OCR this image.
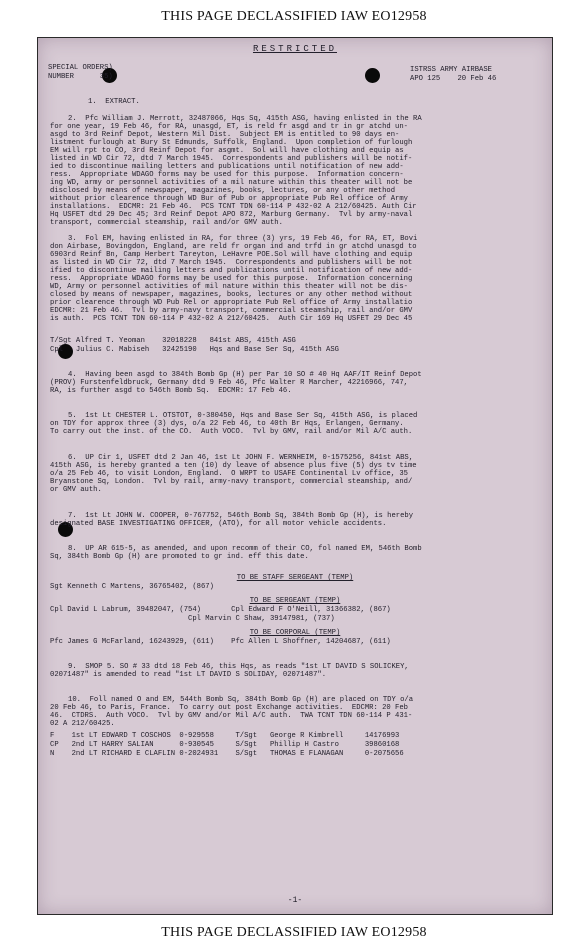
THIS PAGE DECLASSIFIED IAW EO12958
RESTRICTED
SPECIAL ORDERS)
NUMBER      35)
ISTRSS ARMY AIRBASE
APO 125    20 Feb 46
1.  EXTRACT.
2.  Pfc William J. Merrott, 32487066, Hqs Sq, 415th ASG, having enlisted in the RA
for one year, 19 Feb 46, for RA, unasgd, ET, is reld fr asgd and tr in gr atchd un-
asgd to 3rd Reinf Depot, Western Mil Dist.  Subject EM is entitled to 90 days en-
listment furlough at Bury St Edmunds, Suffolk, England.  Upon completion of furlough
EM will rpt to CO, 3rd Reinf Depot for asgmt.  Sol will have clothing and equip as
listed in WD Cir 72, dtd 7 March 1945.  Correspondents and publishers will be notif-
ied to discontinue mailing letters and publications until notification of new add-
ress.  Appropriate WDAGO forms may be used for this purpose.  Information concern-
ing WD, army or personnel activities of a mil nature within this theater will not be
disclosed by means of newspaper, magazines, books, lectures, or any other method
without prior clearence through WD Bur of Pub or appropriate Pub Rel office of Army
installations.  EDCMR: 21 Feb 46.  PCS TCNT TDN 60-114 P 432-02 A 212/60425. Auth Cir
Hq USFET dtd 29 Dec 45; 3rd Reinf Depot APO 872, Marburg Germany.  Tvl by army-naval
transport, commercial steamship, rail and/or GMV auth.
3.  Fol EM, having enlisted in RA, for three (3) yrs, 19 Feb 46, for RA, ET, Bovi
don Airbase, Bovingdon, England, are reld fr organ ind and trfd in gr atchd unasgd to
6903rd Reinf Bn, Camp Herbert Tareyton, LeHavre POE.Sol will have clothing and equip
as listed in WD Cir 72, dtd 7 March 1945.  Correspondents and publishers will be not
ified to discontinue mailing letters and publications until notification of new add-
ress.  Appropriate WDAGO forms may be used for this purpose.  Information concerning
WD, Army or personnel activities of mil nature within this theater will not be dis-
closed by means of newspaper, magazines, books, lectures or any other method without
prior clearence through WD Pub Rel or appropriate Pub Rel office of Army installatio
EDCMR: 21 Feb 46.  Tvl by army-navy transport, commercial steamship, rail and/or GMV
is auth.  PCS TCNT TDN 60-114 P 432-02 A 212/60425.  Auth Cir 169 Hq USFET 29 Dec 45
T/Sgt Alfred T. Yeoman    32018228   841st ABS, 415th ASG
Cpl   Julius C. Mabiseh   32425190   Hqs and Base Ser Sq, 415th ASG
4.  Having been asgd to 384th Bomb Gp (H) per Par 10 SO # 40 Hq AAF/IT Reinf Depot
(PROV) Furstenfeldbruck, Germany dtd 9 Feb 46, Pfc Walter R Marcher, 42216966, 747,
RA, is further asgd to 546th Bomb Sq.  EDCMR: 17 Feb 46.
5.  1st Lt CHESTER L. OTSTOT, 0-380450, Hqs and Base Ser Sq, 415th ASG, is placed
on TDY for approx three (3) dys, o/a 22 Feb 46, to 40th Br Hqs, Erlangen, Germany.
To carry out the inst. of the CO.  Auth VOCO.  Tvl by GMV, rail and/or Mil A/C auth.
6.  UP Cir 1, USFET dtd 2 Jan 46, 1st Lt JOHN F. WERNHEIM, 0-1575256, 841st ABS,
415th ASG, is hereby granted a ten (10) dy leave of absence plus five (5) dys tv time
o/a 25 Feb 46, to visit London, England.  O WRPT to USAFE Continental Lv office, 35
Bryanstone Sq, London.  Tvl by rail, army-navy transport, commercial steamship, and/
or GMV auth.
7.  1st Lt JOHN W. COOPER, 0-767752, 546th Bomb Sq, 384th Bomb Gp (H), is hereby
designated BASE INVESTIGATING OFFICER, (ATO), for all motor vehicle accidents.
8.  UP AR 615-5, as amended, and upon recomm of their CO, fol named EM, 546th Bomb
Sq, 384th Bomb Gp (H) are promoted to gr ind. eff this date.
TO BE STAFF SERGEANT (TEMP)
Sgt Kenneth C Martens, 36765402, (867)
TO BE SERGEANT (TEMP)
Cpl David L Labrum, 39482047, (754)       Cpl Edward F O'Neill, 31366382, (867)
Cpl Marvin C Shaw, 39147981, (737)
TO BE CORPORAL (TEMP)
Pfc James G McFarland, 16243929, (611)    Pfc Allen L Shoffner, 14204687, (611)
9.  SMOP 5. SO # 33 dtd 18 Feb 46, this Hqs, as reads "1st LT DAVID S SOLICKEY,
02071487" is amended to read "1st LT DAVID S SOLIDAY, 02071487".
10.  Foll named O and EM, 544th Bomb Sq, 384th Bomb Gp (H) are placed on TDY o/a
20 Feb 46, to Paris, France.  To carry out post Exchange activities.  EDCMR: 20 Feb
46.  CTDRS.  Auth VOCO.  Tvl by GMV and/or Mil A/C auth.  TWA TCNT TDN 60-114 P 431-
02 A 212/60425.
F    1st LT EDWARD T COSCHOS  0-929558     T/Sgt   George R Kimbrell     14176993
CP   2nd LT HARRY SALIAN      0-930545     S/Sgt   Phillip H Castro      39860168
N    2nd LT RICHARD E CLAFLIN 0-2024931    S/Sgt   THOMAS E FLANAGAN     0-2075656
-1-
THIS PAGE DECLASSIFIED IAW EO12958
